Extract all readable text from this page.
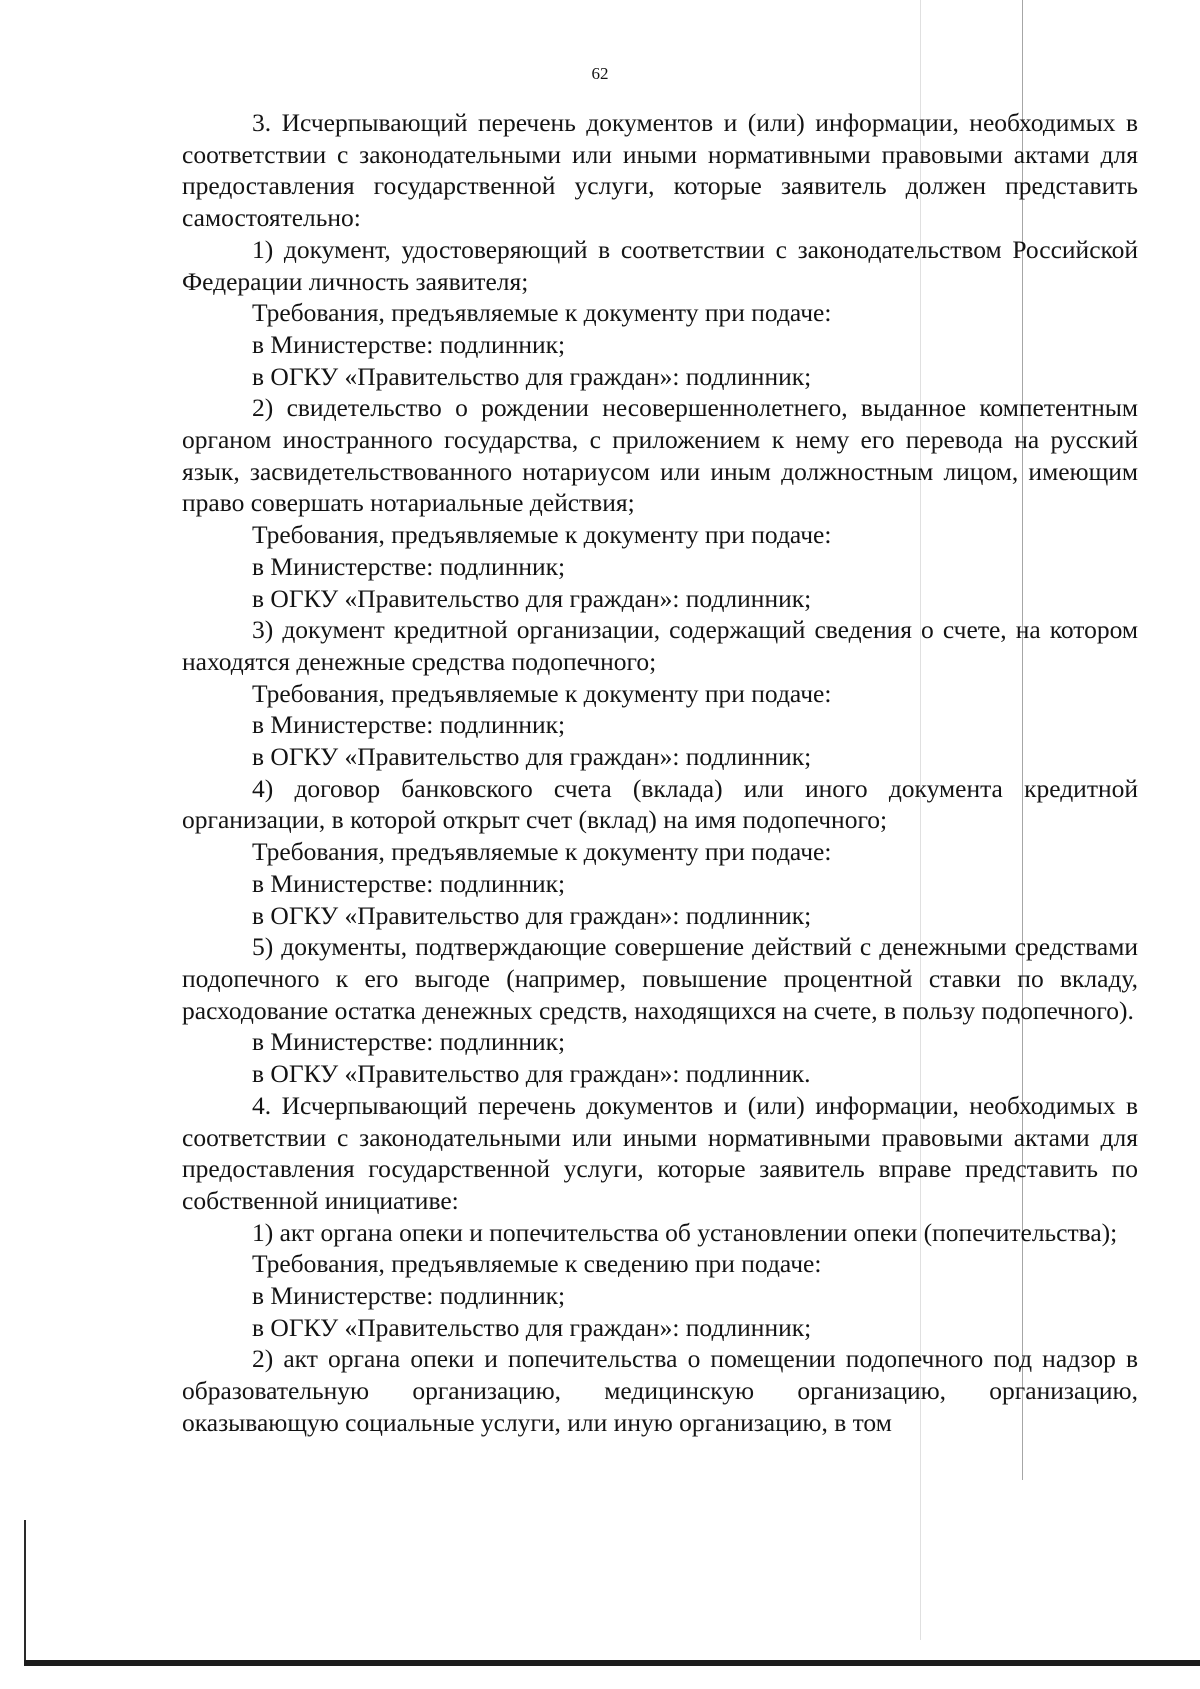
62

3. Исчерпывающий перечень документов и (или) информации, необходимых в соответствии с законодательными или иными нормативными правовыми актами для предоставления государственной услуги, которые заявитель должен представить самостоятельно:

1) документ, удостоверяющий в соответствии с законодательством Российской Федерации личность заявителя;

Требования, предъявляемые к документу при подаче:

в Министерстве: подлинник;

в ОГКУ «Правительство для граждан»: подлинник;

2) свидетельство о рождении несовершеннолетнего, выданное компетентным органом иностранного государства, с приложением к нему его перевода на русский язык, засвидетельствованного нотариусом или иным должностным лицом, имеющим право совершать нотариальные действия;

Требования, предъявляемые к документу при подаче:

в Министерстве: подлинник;

в ОГКУ «Правительство для граждан»: подлинник;

3) документ кредитной организации, содержащий сведения о счете, на котором находятся денежные средства подопечного;

Требования, предъявляемые к документу при подаче:

в Министерстве: подлинник;

в ОГКУ «Правительство для граждан»: подлинник;

4) договор банковского счета (вклада) или иного документа кредитной организации, в которой открыт счет (вклад) на имя подопечного;

Требования, предъявляемые к документу при подаче:

в Министерстве: подлинник;

в ОГКУ «Правительство для граждан»: подлинник;

5) документы, подтверждающие совершение действий с денежными средствами подопечного к его выгоде (например, повышение процентной ставки по вкладу, расходование остатка денежных средств, находящихся на счете, в пользу подопечного).

в Министерстве: подлинник;

в ОГКУ «Правительство для граждан»: подлинник.

4. Исчерпывающий перечень документов и (или) информации, необходимых в соответствии с законодательными или иными нормативными правовыми актами для предоставления государственной услуги, которые заявитель вправе представить по собственной инициативе:

1) акт органа опеки и попечительства об установлении опеки (попечительства);

Требования, предъявляемые к сведению при подаче:

в Министерстве: подлинник;

в ОГКУ «Правительство для граждан»: подлинник;

2) акт органа опеки и попечительства о помещении подопечного под надзор в образовательную организацию, медицинскую организацию, организацию, оказывающую социальные услуги, или иную организацию, в том
